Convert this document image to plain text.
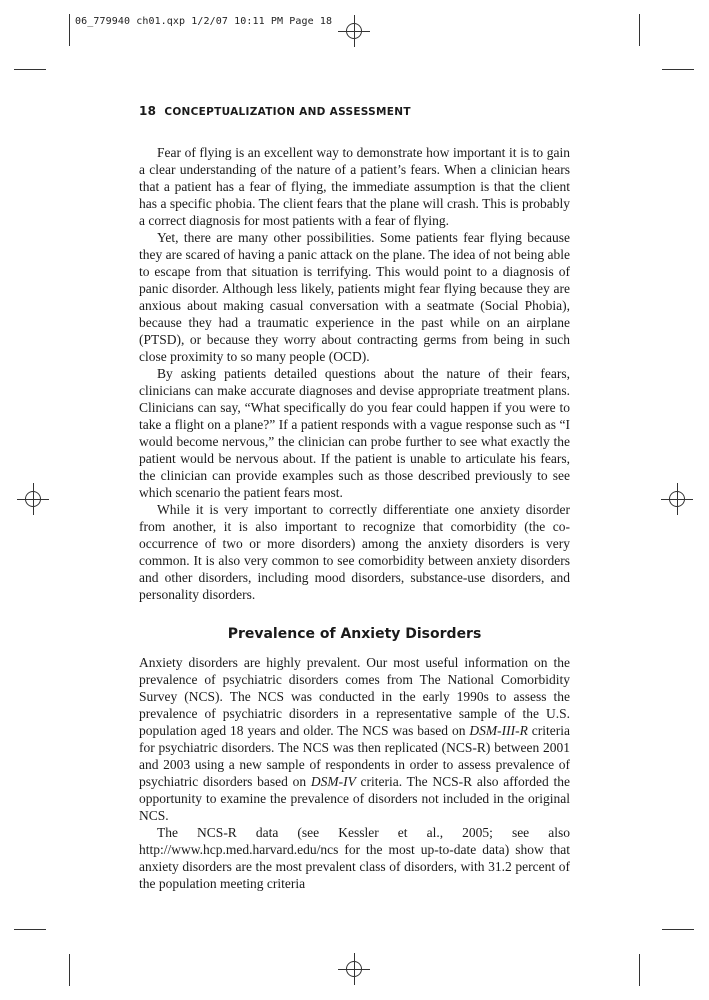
06_779940 ch01.qxp 1/2/07 10:11 PM Page 18
18 CONCEPTUALIZATION AND ASSESSMENT

Fear of flying is an excellent way to demonstrate how important it is to gain a clear understanding of the nature of a patient’s fears. When a clinician hears that a patient has a fear of flying, the immediate assumption is that the client has a specific phobia. The client fears that the plane will crash. This is probably a correct diagnosis for most patients with a fear of flying.

Yet, there are many other possibilities. Some patients fear flying because they are scared of having a panic attack on the plane. The idea of not being able to escape from that situation is terrifying. This would point to a diagnosis of panic disorder. Although less likely, patients might fear flying because they are anxious about making casual conversation with a seatmate (Social Phobia), because they had a traumatic experience in the past while on an airplane (PTSD), or because they worry about contracting germs from being in such close proximity to so many people (OCD).

By asking patients detailed questions about the nature of their fears, clinicians can make accurate diagnoses and devise appropriate treatment plans. Clinicians can say, “What specifically do you fear could happen if you were to take a flight on a plane?” If a patient responds with a vague response such as “I would become nervous,” the clinician can probe further to see what exactly the patient would be nervous about. If the patient is unable to articulate his fears, the clinician can provide examples such as those described previously to see which scenario the patient fears most.

While it is very important to correctly differentiate one anxiety disorder from another, it is also important to recognize that comorbidity (the co-occurrence of two or more disorders) among the anxiety disorders is very common. It is also very common to see comorbidity between anxiety disorders and other disorders, including mood disorders, substance-use disorders, and personality disorders.

Prevalence of Anxiety Disorders

Anxiety disorders are highly prevalent. Our most useful information on the prevalence of psychiatric disorders comes from The National Comorbidity Survey (NCS). The NCS was conducted in the early 1990s to assess the prevalence of psychiatric disorders in a representative sample of the U.S. population aged 18 years and older. The NCS was based on DSM-III-R criteria for psychiatric disorders. The NCS was then replicated (NCS-R) between 2001 and 2003 using a new sample of respondents in order to assess prevalence of psychiatric disorders based on DSM-IV criteria. The NCS-R also afforded the opportunity to examine the prevalence of disorders not included in the original NCS.

The NCS-R data (see Kessler et al., 2005; see also http://www.hcp.med.harvard.edu/ncs for the most up-to-date data) show that anxiety disorders are the most prevalent class of disorders, with 31.2 percent of the population meeting criteria
